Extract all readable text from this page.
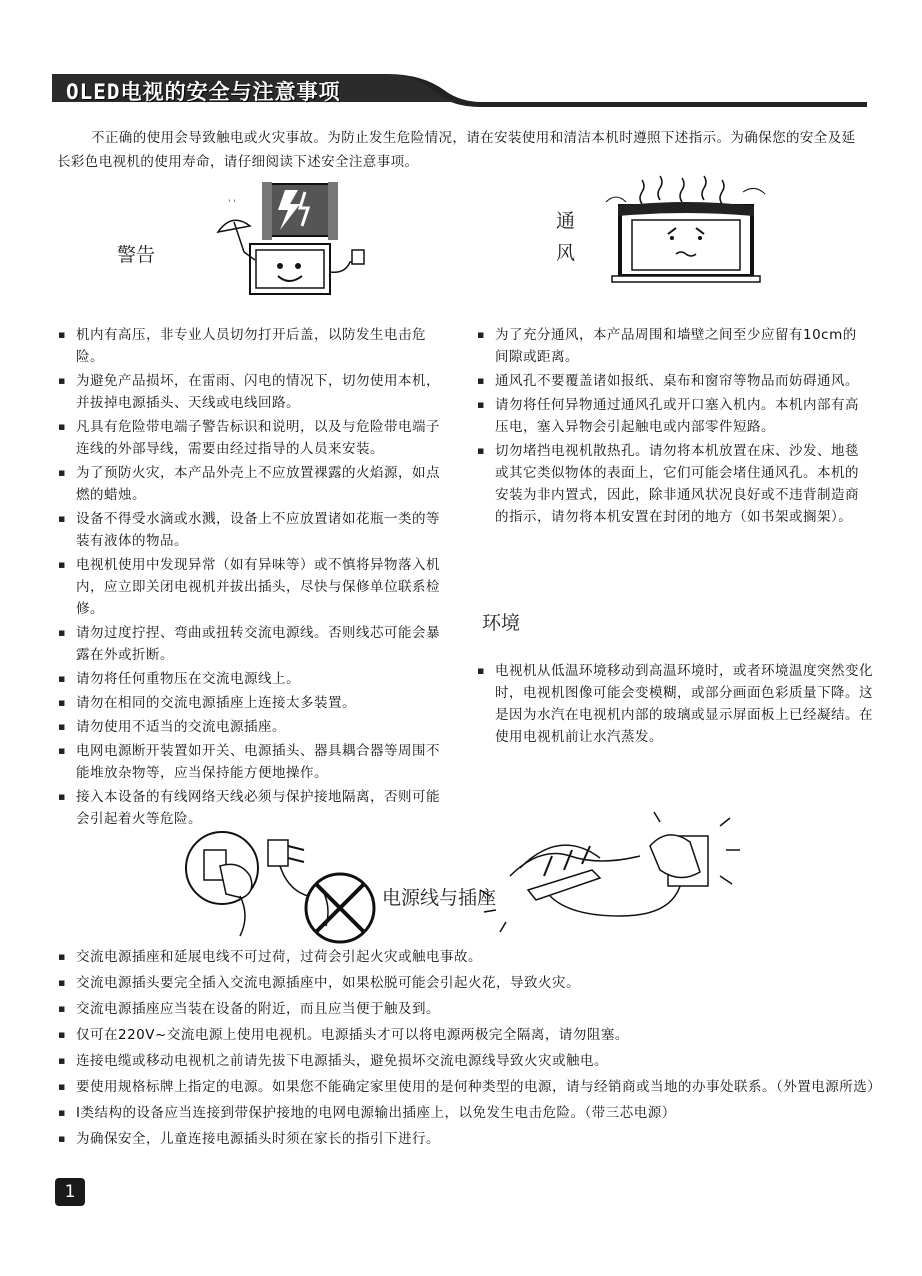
OLED电视的安全与注意事项
不正确的使用会导致触电或火灾事故。为防止发生危险情况，请在安装使用和清洁本机时遵照下述指示。为确保您的安全及延长彩色电视机的使用寿命，请仔细阅读下述安全注意事项。
警告
' '
通
风
▪ 机内有高压，非专业人员切勿打开后盖，以防发生电击危险。
▪ 为避免产品损坏，在雷雨、闪电的情况下，切勿使用本机，并拔掉电源插头、天线或电线回路。
▪ 凡具有危险带电端子警告标识和说明，以及与危险带电端子连线的外部导线，需要由经过指导的人员来安装。
▪ 为了预防火灾，本产品外壳上不应放置裸露的火焰源，如点燃的蜡烛。
▪ 设备不得受水滴或水溅，设备上不应放置诸如花瓶一类的等装有液体的物品。
▪ 电视机使用中发现异常（如有异味等）或不慎将异物落入机内，应立即关闭电视机并拔出插头，尽快与保修单位联系检修。
▪ 请勿过度拧捏、弯曲或扭转交流电源线。否则线芯可能会暴露在外或折断。
▪ 请勿将任何重物压在交流电源线上。
▪ 请勿在相同的交流电源插座上连接太多装置。
▪ 请勿使用不适当的交流电源插座。
▪ 电网电源断开装置如开关、电源插头、器具耦合器等周围不能堆放杂物等，应当保持能方便地操作。
▪ 接入本设备的有线网络天线必须与保护接地隔离，否则可能会引起着火等危险。
▪ 为了充分通风，本产品周围和墙壁之间至少应留有10cm的间隙或距离。
▪ 通风孔不要覆盖诸如报纸、桌布和窗帘等物品而妨碍通风。
▪ 请勿将任何异物通过通风孔或开口塞入机内。本机内部有高压电，塞入异物会引起触电或内部零件短路。
▪ 切勿堵挡电视机散热孔。请勿将本机放置在床、沙发、地毯或其它类似物体的表面上，它们可能会堵住通风孔。本机的安装为非内置式，因此，除非通风状况良好或不违背制造商的指示，请勿将本机安置在封闭的地方（如书架或搁架）。
环境
▪ 电视机从低温环境移动到高温环境时，或者环境温度突然变化时，电视机图像可能会变模糊，或部分画面色彩质量下降。这是因为水汽在电视机内部的玻璃或显示屏面板上已经凝结。在使用电视机前让水汽蒸发。
电源线与插座
▪ 交流电源插座和延展电线不可过荷，过荷会引起火灾或触电事故。
▪ 交流电源插头要完全插入交流电源插座中，如果松脱可能会引起火花，导致火灾。
▪ 交流电源插座应当装在设备的附近，而且应当便于触及到。
▪ 仅可在220V~交流电源上使用电视机。电源插头才可以将电源两极完全隔离，请勿阻塞。
▪ 连接电缆或移动电视机之前请先拔下电源插头，避免损坏交流电源线导致火灾或触电。
▪ 要使用规格标牌上指定的电源。如果您不能确定家里使用的是何种类型的电源，请与经销商或当地的办事处联系。（外置电源所选）
▪ Ⅰ类结构的设备应当连接到带保护接地的电网电源输出插座上，以免发生电击危险。（带三芯电源）
▪ 为确保安全，儿童连接电源插头时须在家长的指引下进行。
1
